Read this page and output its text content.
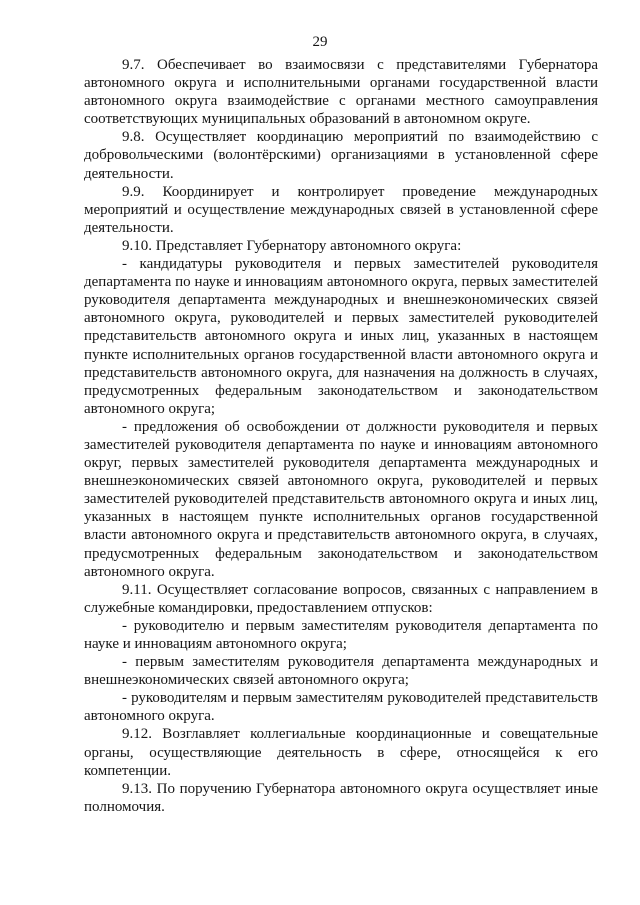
29

9.7. Обеспечивает во взаимосвязи с представителями Губернатора автономного округа и исполнительными органами государственной власти автономного округа взаимодействие с органами местного самоуправления соответствующих муниципальных образований в автономном округе.

9.8. Осуществляет координацию мероприятий по взаимодействию с добровольческими (волонтёрскими) организациями в установленной сфере деятельности.

9.9. Координирует и контролирует проведение международных мероприятий и осуществление международных связей в установленной сфере деятельности.

9.10. Представляет Губернатору автономного округа:

- кандидатуры руководителя и первых заместителей руководителя департамента по науке и инновациям автономного округа, первых заместителей руководителя департамента международных и внешнеэкономических связей автономного округа, руководителей и первых заместителей руководителей представительств автономного округа и иных лиц, указанных в настоящем пункте исполнительных органов государственной власти автономного округа и представительств автономного округа, для назначения на должность в случаях, предусмотренных федеральным законодательством и законодательством автономного округа;

- предложения об освобождении от должности руководителя и первых заместителей руководителя департамента по науке и инновациям автономного округ, первых заместителей руководителя департамента международных и внешнеэкономических связей автономного округа, руководителей и первых заместителей руководителей представительств автономного округа и иных лиц, указанных в настоящем пункте исполнительных органов государственной власти автономного округа и представительств автономного округа, в случаях, предусмотренных федеральным законодательством и законодательством автономного округа.

9.11. Осуществляет согласование вопросов, связанных с направлением в служебные командировки, предоставлением отпусков:

- руководителю и первым заместителям руководителя департамента по науке и инновациям автономного округа;

- первым заместителям руководителя департамента международных и внешнеэкономических связей автономного округа;

- руководителям и первым заместителям руководителей представительств автономного округа.

9.12. Возглавляет коллегиальные координационные и совещательные органы, осуществляющие деятельность в сфере, относящейся к его компетенции.

9.13. По поручению Губернатора автономного округа осуществляет иные полномочия.
